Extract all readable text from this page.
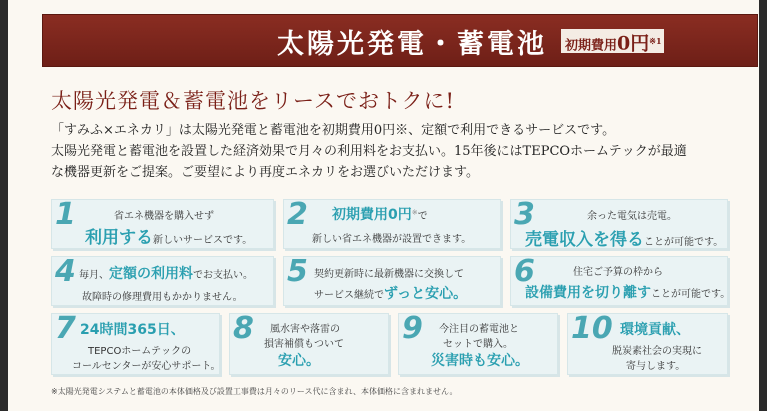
太陽光発電・蓄電池	初期費用0円$^{※1}$
太陽光発電＆蓄電池をリースでおトクに!
「すみふ×エネカリ」は太陽光発電と蓄電池を初期費用0円※、定額で利用できるサービスです。
太陽光発電と蓄電池を設置した経済効果で月々の利用料をお支払い。15年後にはTEPCOホームテックが最適
な機器更新をご提案。ご要望により再度エネカリをお選びいただけます。
1	省エネ機器を購入せず
利用する新しいサービスです。
2 初期費用0円※で
新しい省エネ機器が設置できます。
3	余った電気は売電。
売電収入を得ることが可能です。
4 毎月、定額の利用料でお支払い。
故障時の修理費用もかかりません。
5 契約更新時に最新機器に交換して
サービス継続でずっと安心。
6	住宅ご予算の枠から
設備費用を切り離すことが可能です。
7 24時間365日、
TEPCOホームテックの
コールセンターが安心サポート。
8 風水害や落雷の
損害補償もついて
安心。
9 今注目の蓄電池と
セットで購入。
災害時も安心。
10 環境貢献、
脱炭素社会の実現に
寄与します。
※太陽光発電システムと蓄電池の本体価格及び設置工事費は月々のリース代に含まれ、本体価格に含まれません。
